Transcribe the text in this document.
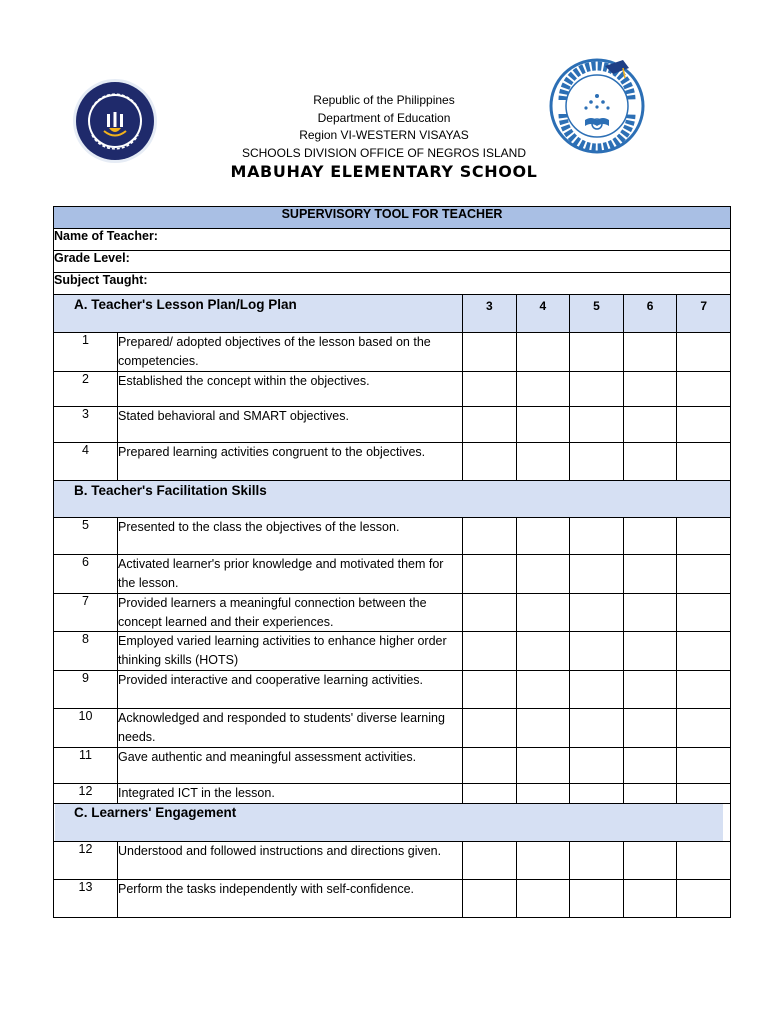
Republic of the Philippines
Department of Education
Region VI-WESTERN VISAYAS
SCHOOLS DIVISION OFFICE OF NEGROS ISLAND
MABUHAY ELEMENTARY SCHOOL
SUPERVISORY TOOL FOR TEACHER						
Name of Teacher:						
Grade Level:						
Subject Taught:						
A. Teacher's Lesson Plan/Log Plan		3	4	5	6	7
1	Prepared/ adopted objectives of the lesson based on the competencies.					
2	Established the concept within the objectives.					
3	Stated behavioral and SMART objectives.					
4	Prepared learning activities congruent to the objectives.					
B. Teacher's Facilitation Skills						
5	Presented to the class the objectives of the lesson.					
6	Activated learner's prior knowledge and motivated them for the lesson.					
7	Provided learners a meaningful connection between the concept learned and their experiences.					
8	Employed varied learning activities to enhance higher order thinking skills (HOTS)					
9	Provided interactive and cooperative learning activities.					
10	Acknowledged and responded to students' diverse learning needs.					
11	Gave authentic and meaningful assessment activities.					
12	Integrated ICT in the lesson.					

C. Learners' Engagement						

12	Understood and followed instructions and directions given.					
13	Perform the tasks independently with self-confidence.					
